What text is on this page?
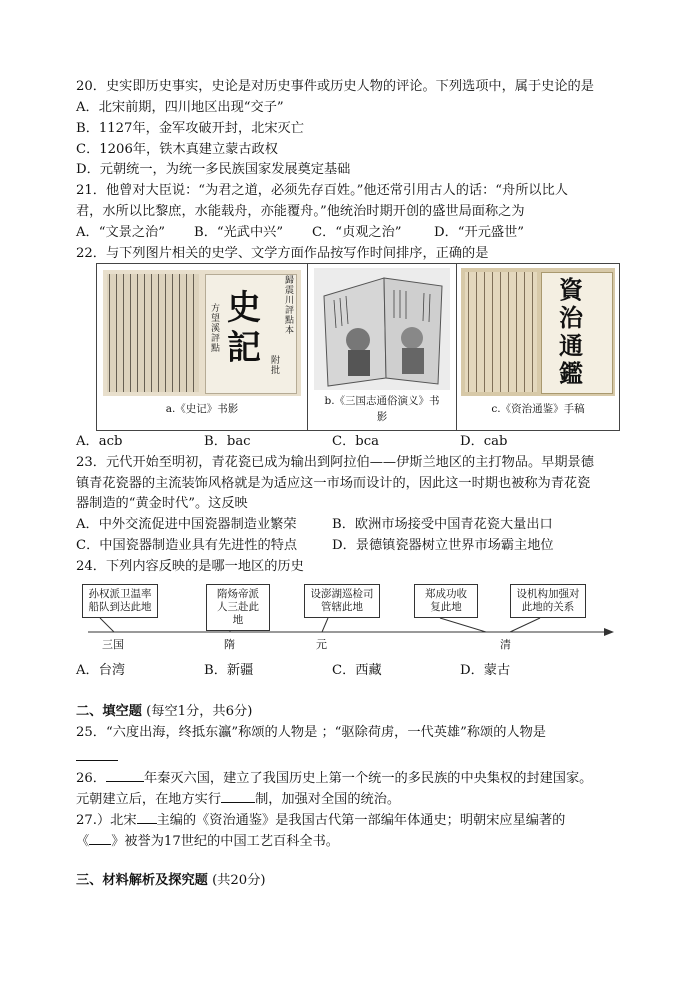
20．史实即历史事实，史论是对历史事件或历史人物的评论。下列选项中，属于史论的是
A．北宋前期，四川地区出现“交子”
B．1127年，金军攻破开封，北宋灭亡
C．1206年，铁木真建立蒙古政权
D．元朝统一，为统一多民族国家发展奠定基础
21．他曾对大臣说：“为君之道，必须先存百姓。”他还常引用古人的话：“舟所以比人
君，水所以比黎庶，水能载舟，亦能覆舟。”他统治时期开创的盛世局面称之为
A．“文景之治”	B．“光武中兴”	C．“贞观之治”	D．“开元盛世”
22．与下列图片相关的史学、文学方面作品按写作时间排序，正确的是
歸震川評點本
史
記
方望溪評點
附批
a.《史记》书影
b.《三国志通俗演义》书
影
資
治
通
鑑
c.《资治通鉴》手稿
A．acb	B．bac	C．bca	D．cab
23．元代开始至明初，青花瓷已成为输出到阿拉伯——伊斯兰地区的主打物品。早期景德
镇青花瓷器的主流装饰风格就是为适应这一市场而设计的，因此这一时期也被称为青花瓷
器制造的“黄金时代”。这反映
A．中外交流促进中国瓷器制造业繁荣	B．欧洲市场接受中国青花瓷大量出口
C．中国瓷器制造业具有先进性的特点	D．景德镇瓷器树立世界市场霸主地位
24．下列内容反映的是哪一地区的历史
孙权派卫温率船队到达此地
隋炀帝派人三赴此地
设澎湖巡检司管辖此地
郑成功收复此地
设机构加强对此地的关系
三国	隋	元	清
A．台湾	B．新疆	C．西藏	D．蒙古
二、填空题 (每空1分，共6分)
25．“六度出海，终抵东瀛”称颂的人物是 ；“驱除荷虏，一代英雄”称颂的人物是
26．	年秦灭六国，建立了我国历史上第一个统一的多民族的中央集权的封建国家。
元朝建立后，在地方实行	制，加强对全国的统治。
27.）北宋 主编的《资治通鉴》是我国古代第一部编年体通史；明朝宋应星编著的
《 》被誉为17世纪的中国工艺百科全书。
三、材料解析及探究题 (共20分)
